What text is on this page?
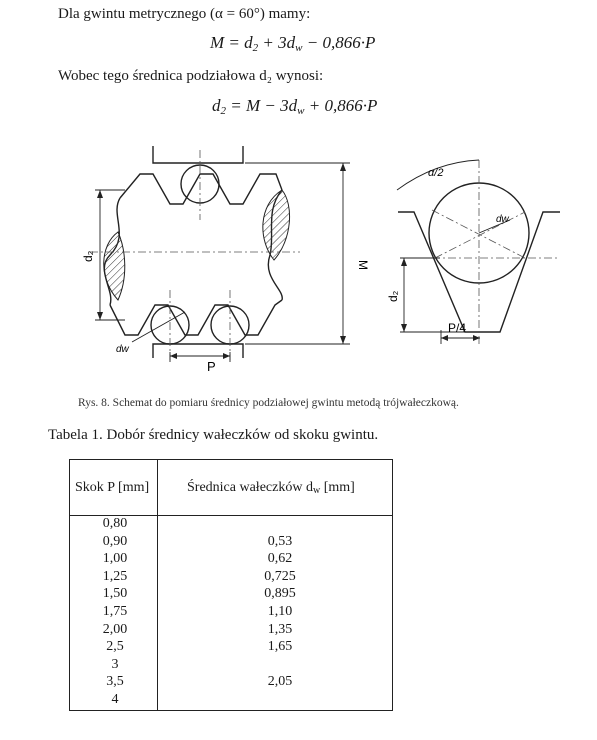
Dla gwintu metrycznego (α = 60°) mamy:
$M = d_2 + 3d_w - 0,866\cdot P$
Wobec tego średnica podziałowa d₂ wynosi:
$d_2 = M - 3d_w + 0,866\cdot P$
d₂
M
P
dw
α/2
dw
d₂
P/4
Rys. 8. Schemat do pomiaru średnicy podziałowej gwintu metodą trójwałeczkową.
Tabela 1. Dobór średnicy wałeczków od skoku gwintu.
Skok P [mm]	Średnica wałeczków $d_w$ [mm]
0,80
0,90
1,00
1,25
1,50
1,75
2,00
2,5
3
3,5
4
0,53
0,62
0,725
0,895
1,10
1,35
1,65
2,05
